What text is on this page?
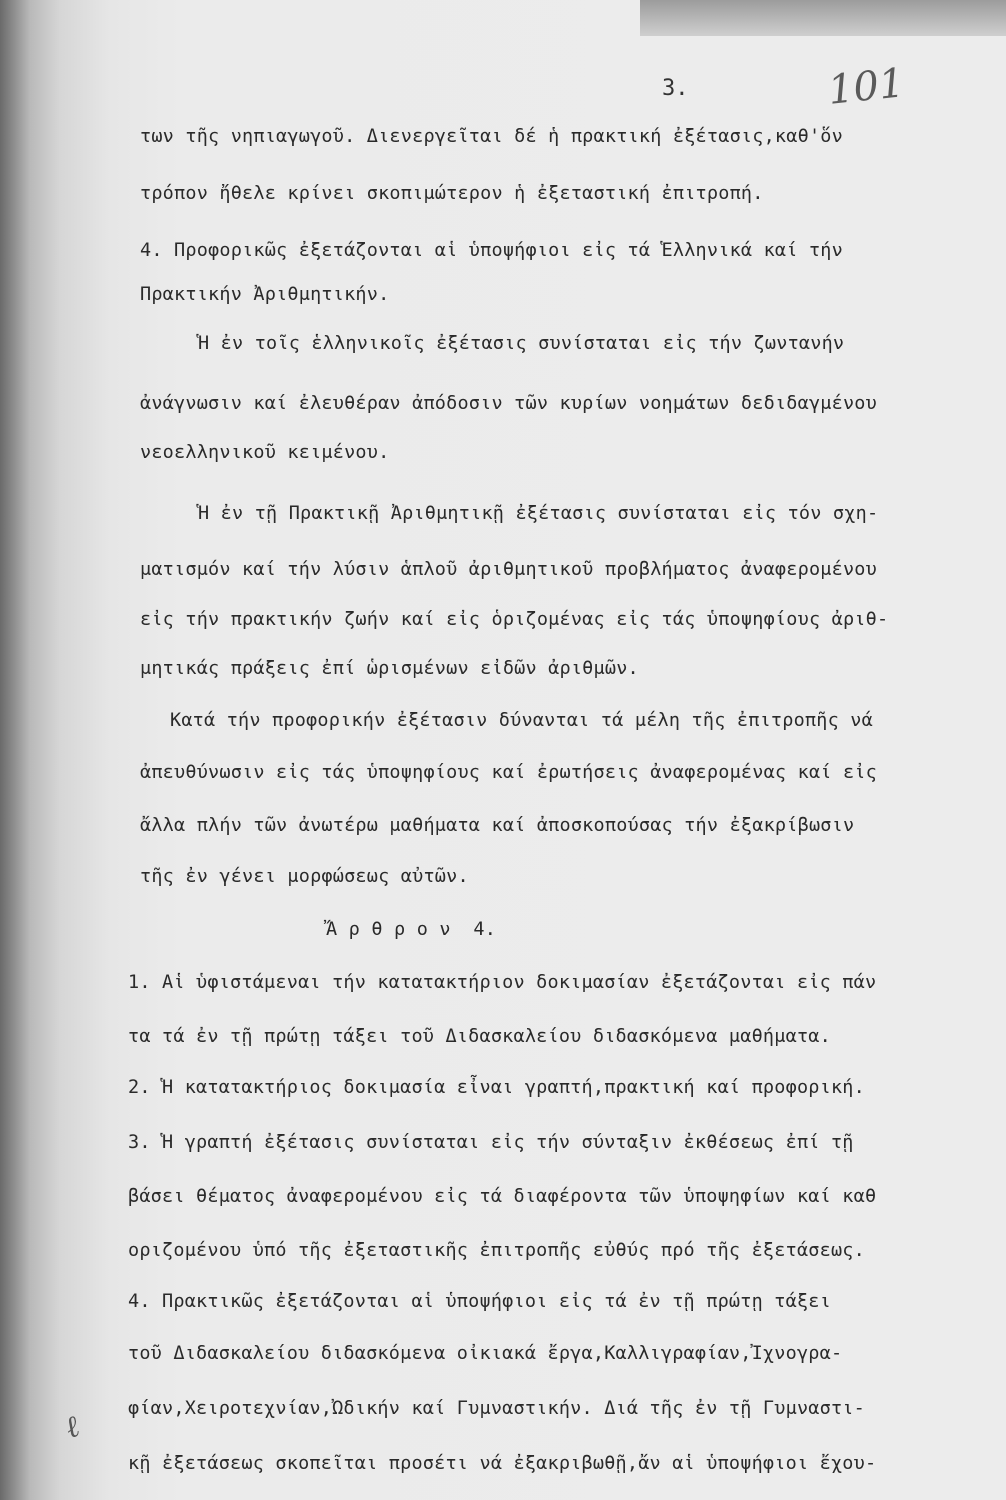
3.	101
των τῆς νηπιαγωγοῦ. Διενεργεῖται δέ ἡ πρακτική ἐξέτασις,καθ'ὅν
τρόπον ἤθελε κρίνει σκοπιμώτερον ἡ ἐξεταστική ἐπιτροπή.
4. Προφορικῶς ἐξετάζονται αἱ ὑποψήφιοι εἰς τά Ἑλληνικά καί τήν
Πρακτικήν Ἀριθμητικήν.
Ἡ ἐν τοῖς ἑλληνικοῖς ἐξέτασις συνίσταται εἰς τήν ζωντανήν
ἀνάγνωσιν καί ἐλευθέραν ἀπόδοσιν τῶν κυρίων νοημάτων δεδιδαγμένου
νεοελληνικοῦ κειμένου.
Ἡ ἐν τῇ Πρακτικῇ Ἀριθμητικῇ ἐξέτασις συνίσταται εἰς τόν σχη-
ματισμόν καί τήν λύσιν ἁπλοῦ ἀριθμητικοῦ προβλήματος ἀναφερομένου
εἰς τήν πρακτικήν ζωήν καί εἰς ὁριζομένας εἰς τάς ὑποψηφίους ἀριθ-
μητικάς πράξεις ἐπί ὡρισμένων εἰδῶν ἀριθμῶν.
Κατά τήν προφορικήν ἐξέτασιν δύνανται τά μέλη τῆς ἐπιτροπῆς νά
ἀπευθύνωσιν εἰς τάς ὑποψηφίους καί ἐρωτήσεις ἀναφερομένας καί εἰς
ἄλλα πλήν τῶν ἀνωτέρω μαθήματα καί ἀποσκοπούσας τήν ἐξακρίβωσιν
τῆς ἐν γένει μορφώσεως αὐτῶν.
Ἄ ρ θ ρ ο ν  4.
1. Αἱ ὑφιστάμεναι τήν κατατακτήριον δοκιμασίαν ἐξετάζονται εἰς πάν
τα τά ἐν τῇ πρώτῃ τάξει τοῦ Διδασκαλείου διδασκόμενα μαθήματα.
2. Ἡ κατατακτήριος δοκιμασία εἶναι γραπτή,πρακτική καί προφορική.
3. Ἡ γραπτή ἐξέτασις συνίσταται εἰς τήν σύνταξιν ἐκθέσεως ἐπί τῇ
βάσει θέματος ἀναφερομένου εἰς τά διαφέροντα τῶν ὑποψηφίων καί καθ
οριζομένου ὑπό τῆς ἐξεταστικῆς ἐπιτροπῆς εὐθύς πρό τῆς ἐξετάσεως.
4. Πρακτικῶς ἐξετάζονται αἱ ὑποψήφιοι εἰς τά ἐν τῇ πρώτῃ τάξει
τοῦ Διδασκαλείου διδασκόμενα οἰκιακά ἔργα,Καλλιγραφίαν,Ἰχνογρα-
φίαν,Χειροτεχνίαν,Ὠδικήν καί Γυμναστικήν. Διά τῆς ἐν τῇ Γυμναστι-
κῇ ἐξετάσεως σκοπεῖται προσέτι νά ἐξακριβωθῇ,ἄν αἱ ὑποψήφιοι ἔχου-
ℓ
